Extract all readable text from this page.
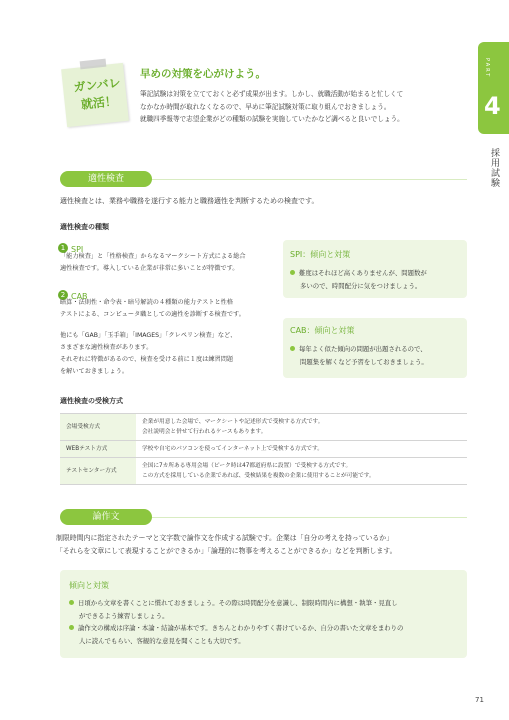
PART
4
採用試験
ガンバレ
就活！
早めの対策を心がけよう。
筆記試験は対策を立てておくと必ず成果が出ます。しかし、就職活動が始まると忙しくて
なかなか時間が取れなくなるので、早めに筆記試験対策に取り組んでおきましょう。
就職四季報等で志望企業がどの種類の試験を実施していたかなど調べると良いでしょう。
適性検査
適性検査とは、業務や職務を遂行する能力と職務適性を判断するための検査です。
適性検査の種類
1 SPI
「能力検査」と「性格検査」からなるマークシート方式による総合
適性検査です。導入している企業が非常に多いことが特徴です。
2 CAB
暗算・法則性・命令表・暗号解読の４種類の能力テストと性格
テストによる、コンピュータ職としての適性を診断する検査です。
他にも「GAB」「玉手箱」「IMAGES」「クレペリン検査」など、
さまざまな適性検査があります。
それぞれに特徴があるので、検査を受ける前に１度は練習問題
を解いておきましょう。
SPI：傾向と対策
難度はそれほど高くありませんが、問題数が
多いので、時間配分に気をつけましょう。
CAB：傾向と対策
毎年よく似た傾向の問題が出題されるので、
問題集を解くなど予習をしておきましょう。
適性検査の受検方式
会場受検方式	企業が用意した会場で、マークシートや記述形式で受検する方式です。
会社説明会と併せて行われるケースもあります。

WEBテスト方式	学校や自宅のパソコンを使ってインターネット上で受検する方式です。

テストセンター方式	全国に7カ所ある専用会場（ピーク時は47都道府県に設置）で受検する方式です。
この方式を採用している企業であれば、受検結果を複数の企業に使用することが可能です。
論作文
制限時間内に指定されたテーマと文字数で論作文を作成する試験です。企業は「自分の考えを持っているか」
「それらを文章にして表現することができるか」「論理的に物事を考えることができるか」などを判断します。
傾向と対策
日頃から文章を書くことに慣れておきましょう。その際は時間配分を意識し、制限時間内に構想・執筆・見直し
ができるよう練習しましょう。
論作文の構成は序論・本論・結論が基本です。きちんとわかりやすく書けているか、自分の書いた文章をまわりの
人に読んでもらい、客観的な意見を聞くことも大切です。
71
